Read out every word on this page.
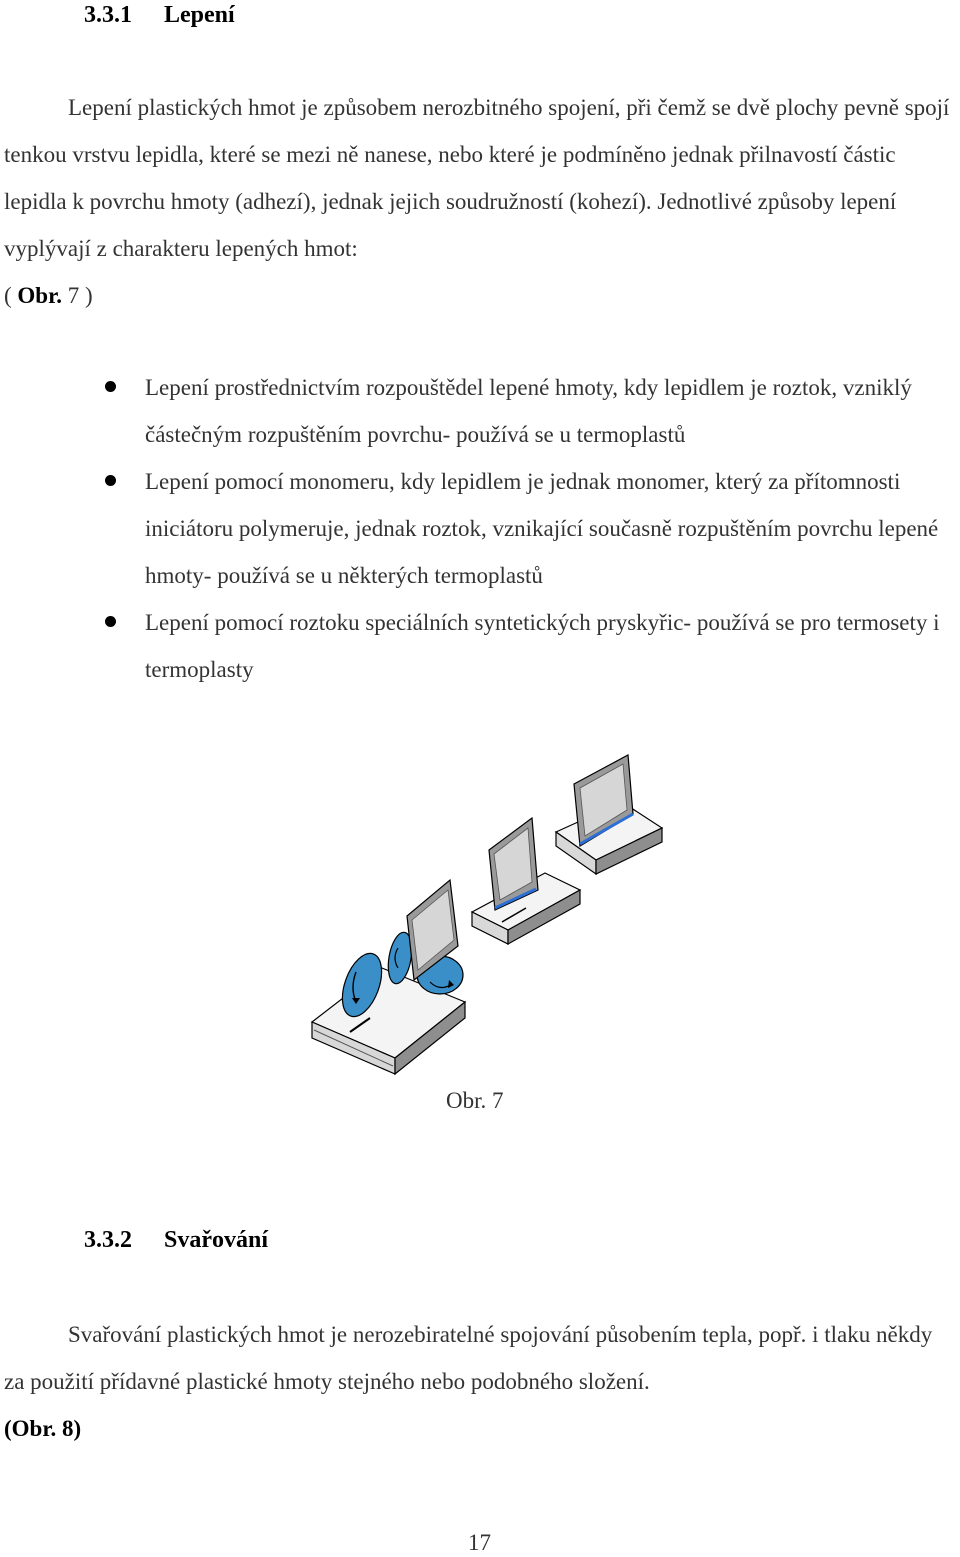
3.3.1 Lepení
Lepení plastických hmot je způsobem nerozbitného spojení, při čemž se dvě plochy pevně spojí tenkou vrstvu lepidla, které se mezi ně nanese, nebo které je podmíněno jednak přilnavostí částic lepidla k povrchu hmoty (adhezí), jednak jejich soudružností (kohezí). Jednotlivé způsoby lepení vyplývají z charakteru lepených hmot:
( Obr. 7 )
Lepení prostřednictvím rozpouštědel lepené hmoty, kdy lepidlem je roztok, vzniklý částečným rozpuštěním povrchu- používá se u termoplastů
Lepení pomocí monomeru, kdy lepidlem je jednak monomer, který za přítomnosti iniciátoru polymeruje, jednak roztok, vznikající současně rozpuštěním povrchu lepené hmoty- používá se u některých termoplastů
Lepení pomocí roztoku speciálních syntetických pryskyřic- používá se pro termosety i termoplasty
Obr. 7
3.3.2 Svařování
Svařování plastických hmot je nerozebiratelné spojování působením tepla, popř. i tlaku někdy za použití přídavné plastické hmoty stejného nebo podobného složení.
(Obr. 8)
17
